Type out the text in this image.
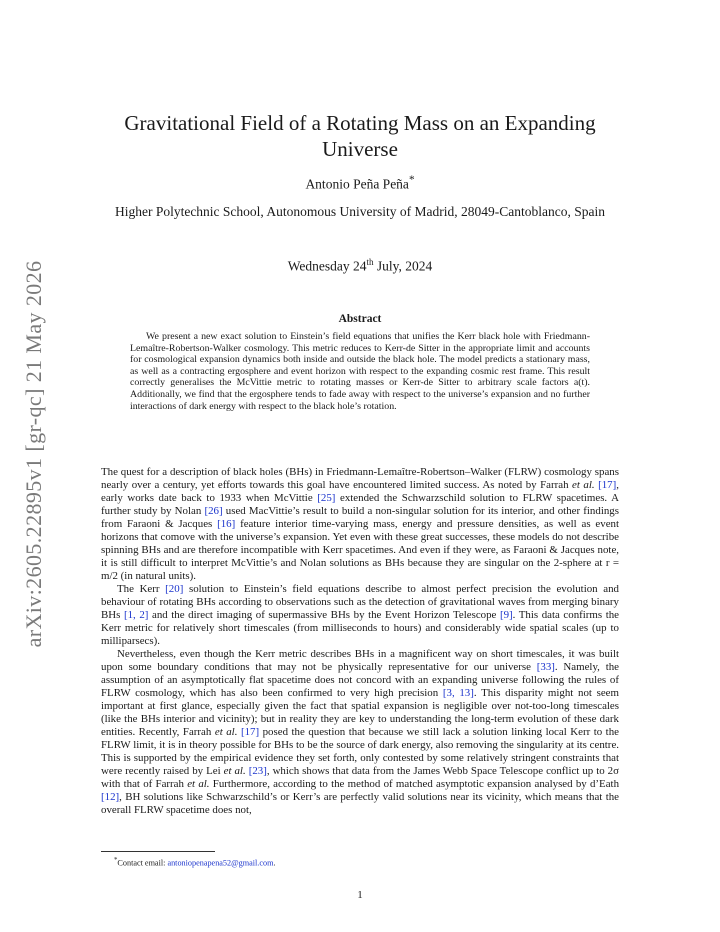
arXiv:2605.22895v1 [gr-qc] 21 May 2026
Gravitational Field of a Rotating Mass on an Expanding Universe

Antonio Peña Peña*

Higher Polytechnic School, Autonomous University of Madrid, 28049-Cantoblanco, Spain

Wednesday 24th July, 2024

Abstract

We present a new exact solution to Einstein’s field equations that unifies the Kerr black hole with Friedmann-Lemaître-Robertson-Walker cosmology. This metric reduces to Kerr-de Sitter in the appropriate limit and accounts for cosmological expansion dynamics both inside and outside the black hole. The model predicts a stationary mass, as well as a contracting ergosphere and event horizon with respect to the expanding cosmic rest frame. This result correctly generalises the McVittie metric to rotating masses or Kerr-de Sitter to arbitrary scale factors a(t). Additionally, we find that the ergosphere tends to fade away with respect to the universe’s expansion and no further interactions of dark energy with respect to the black hole’s rotation.

The quest for a description of black holes (BHs) in Friedmann-Lemaître-Robertson–Walker (FLRW) cosmology spans nearly over a century, yet efforts towards this goal have encountered limited success. As noted by Farrah et al. [17], early works date back to 1933 when McVittie [25] extended the Schwarzschild solution to FLRW spacetimes. A further study by Nolan [26] used MacVittie’s result to build a non-singular solution for its interior, and other findings from Faraoni & Jacques [16] feature interior time-varying mass, energy and pressure densities, as well as event horizons that comove with the universe’s expansion. Yet even with these great successes, these models do not describe spinning BHs and are therefore incompatible with Kerr spacetimes. And even if they were, as Faraoni & Jacques note, it is still difficult to interpret McVittie’s and Nolan solutions as BHs because they are singular on the 2-sphere at r = m/2 (in natural units).

The Kerr [20] solution to Einstein’s field equations describe to almost perfect precision the evolution and behaviour of rotating BHs according to observations such as the detection of gravitational waves from merging binary BHs [1, 2] and the direct imaging of supermassive BHs by the Event Horizon Telescope [9]. This data confirms the Kerr metric for relatively short timescales (from milliseconds to hours) and considerably wide spatial scales (up to milliparsecs).

Nevertheless, even though the Kerr metric describes BHs in a magnificent way on short timescales, it was built upon some boundary conditions that may not be physically representative for our universe [33]. Namely, the assumption of an asymptotically flat spacetime does not concord with an expanding universe following the rules of FLRW cosmology, which has also been confirmed to very high precision [3, 13]. This disparity might not seem important at first glance, especially given the fact that spatial expansion is negligible over not-too-long timescales (like the BHs interior and vicinity); but in reality they are key to understanding the long-term evolution of these dark entities. Recently, Farrah et al. [17] posed the question that because we still lack a solution linking local Kerr to the FLRW limit, it is in theory possible for BHs to be the source of dark energy, also removing the singularity at its centre. This is supported by the empirical evidence they set forth, only contested by some relatively stringent constraints that were recently raised by Lei et al. [23], which shows that data from the James Webb Space Telescope conflict up to 2σ with that of Farrah et al. Furthermore, according to the method of matched asymptotic expansion analysed by d’Eath [12], BH solutions like Schwarzschild’s or Kerr’s are perfectly valid solutions near its vicinity, which means that the overall FLRW spacetime does not,

*Contact email: antoniopenapena52@gmail.com.

1
